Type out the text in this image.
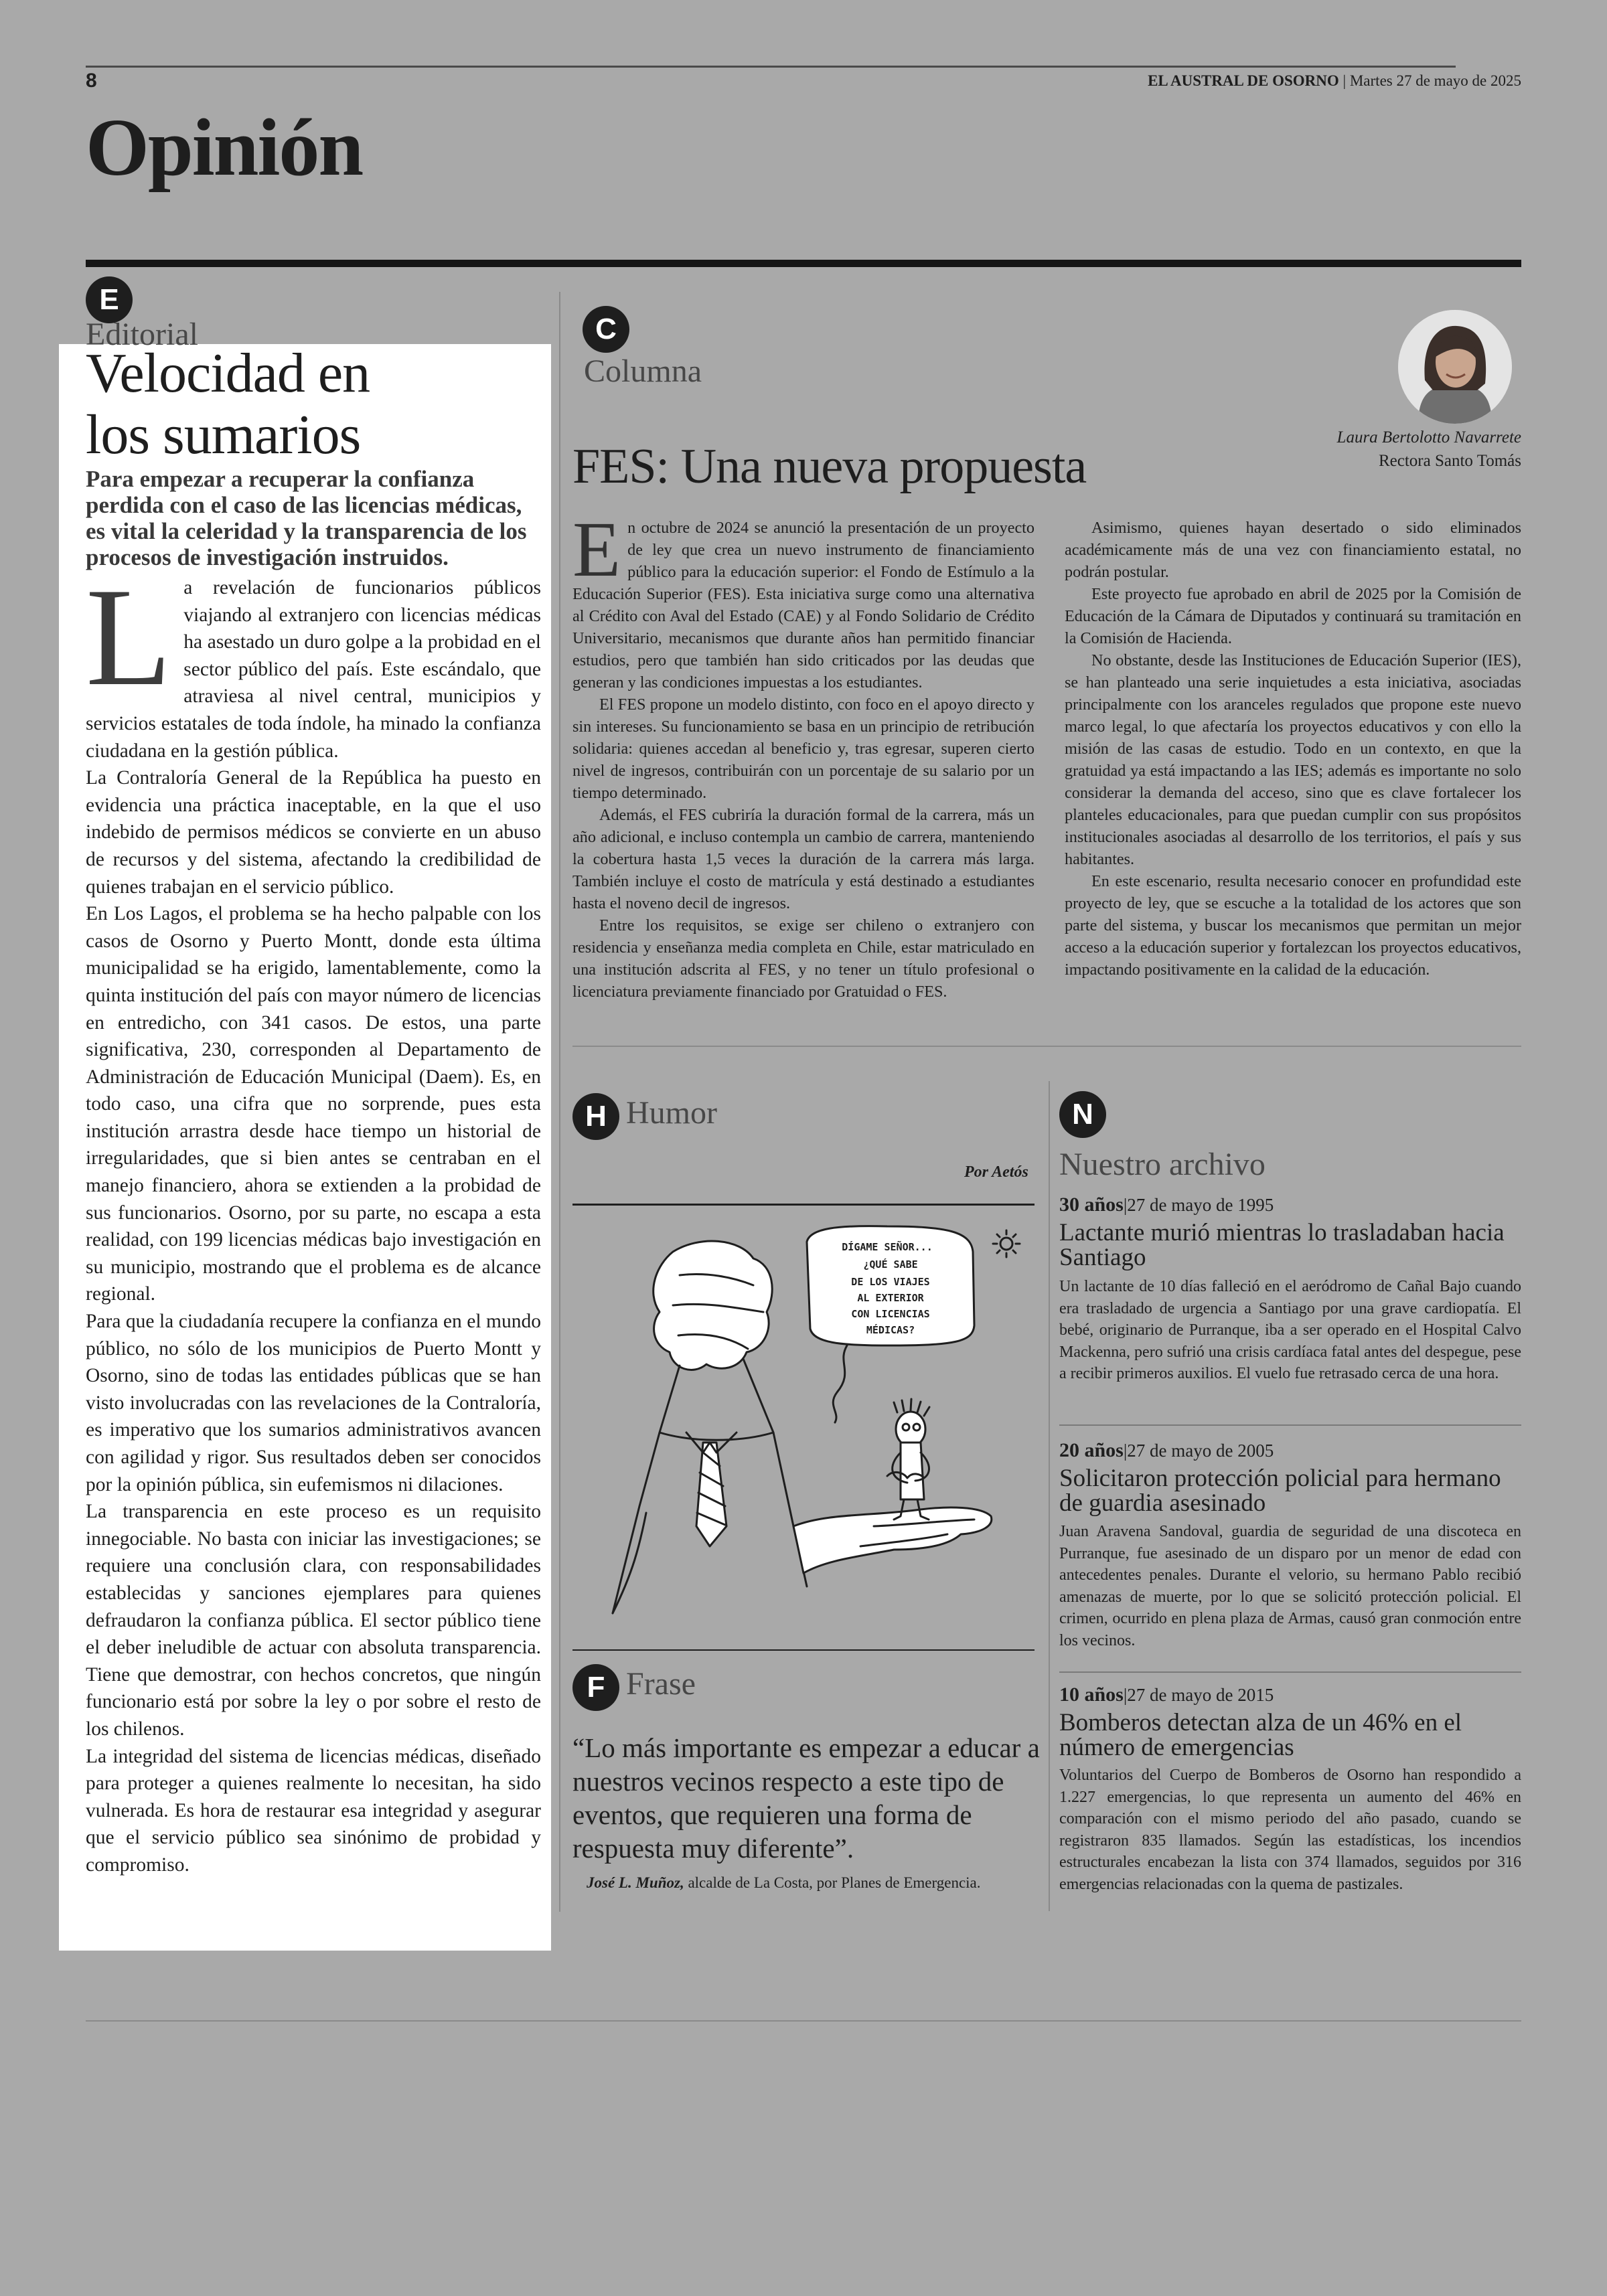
8	EL AUSTRAL DE OSORNO | Martes 27 de mayo de 2025
Opinión
E
Editorial
Velocidad en
los sumarios
Para empezar a recuperar la confianza perdida con el caso de las licencias médicas, es vital la celeridad y la transparencia de los procesos de investigación instruidos.
L a revelación de funcionarios públicos viajando al extranjero con licencias médicas ha asestado un duro golpe a la probidad en el sector público del país. Este escándalo, que atraviesa al nivel central, municipios y servicios estatales de toda índole, ha minado la confianza ciudadana en la gestión pública.

La Contraloría General de la República ha puesto en evidencia una práctica inaceptable, en la que el uso indebido de permisos médicos se convierte en un abuso de recursos y del sistema, afectando la credibilidad de quienes trabajan en el servicio público.

En Los Lagos, el problema se ha hecho palpable con los casos de Osorno y Puerto Montt, donde esta última municipalidad se ha erigido, lamentablemente, como la quinta institución del país con mayor número de licencias en entredicho, con 341 casos. De estos, una parte significativa, 230, corresponden al Departamento de Administración de Educación Municipal (Daem). Es, en todo caso, una cifra que no sorprende, pues esta institución arrastra desde hace tiempo un historial de irregularidades, que si bien antes se centraban en el manejo financiero, ahora se extienden a la probidad de sus funcionarios. Osorno, por su parte, no escapa a esta realidad, con 199 licencias médicas bajo investigación en su municipio, mostrando que el problema es de alcance regional.

Para que la ciudadanía recupere la confianza en el mundo público, no sólo de los municipios de Puerto Montt y Osorno, sino de todas las entidades públicas que se han visto involucradas con las revelaciones de la Contraloría, es imperativo que los sumarios administrativos avancen con agilidad y rigor. Sus resultados deben ser conocidos por la opinión pública, sin eufemismos ni dilaciones.

La transparencia en este proceso es un requisito innegociable. No basta con iniciar las investigaciones; se requiere una conclusión clara, con responsabilidades establecidas y sanciones ejemplares para quienes defraudaron la confianza pública. El sector público tiene el deber ineludible de actuar con absoluta transparencia. Tiene que demostrar, con hechos concretos, que ningún funcionario está por sobre la ley o por sobre el resto de los chilenos.

La integridad del sistema de licencias médicas, diseñado para proteger a quienes realmente lo necesitan, ha sido vulnerada. Es hora de restaurar esa integridad y asegurar que el servicio público sea sinónimo de probidad y compromiso.

C
Columna
Laura Bertolotto Navarrete
Rectora Santo Tomás
FES: Una nueva propuesta
E n octubre de 2024 se anunció la presentación de un proyecto de ley que crea un nuevo instrumento de financiamiento público para la educación superior: el Fondo de Estímulo a la Educación Superior (FES). Esta iniciativa surge como una alternativa al Crédito con Aval del Estado (CAE) y al Fondo Solidario de Crédito Universitario, mecanismos que durante años han permitido financiar estudios, pero que también han sido criticados por las deudas que generan y las condiciones impuestas a los estudiantes.

El FES propone un modelo distinto, con foco en el apoyo directo y sin intereses. Su funcionamiento se basa en un principio de retribución solidaria: quienes accedan al beneficio y, tras egresar, superen cierto nivel de ingresos, contribuirán con un porcentaje de su salario por un tiempo determinado.

Además, el FES cubriría la duración formal de la carrera, más un año adicional, e incluso contempla un cambio de carrera, manteniendo la cobertura hasta 1,5 veces la duración de la carrera más larga. También incluye el costo de matrícula y está destinado a estudiantes hasta el noveno decil de ingresos.

Entre los requisitos, se exige ser chileno o extranjero con residencia y enseñanza media completa en Chile, estar matriculado en una institución adscrita al FES, y no tener un título profesional o licenciatura previamente financiado por Gratuidad o FES.

Asimismo, quienes hayan desertado o sido eliminados académicamente más de una vez con financiamiento estatal, no podrán postular.

Este proyecto fue aprobado en abril de 2025 por la Comisión de Educación de la Cámara de Diputados y continuará su tramitación en la Comisión de Hacienda.

No obstante, desde las Instituciones de Educación Superior (IES), se han planteado una serie inquietudes a esta iniciativa, asociadas principalmente con los aranceles regulados que propone este nuevo marco legal, lo que afectaría los proyectos educativos y con ello la misión de las casas de estudio. Todo en un contexto, en que la gratuidad ya está impactando a las IES; además es importante no solo considerar la demanda del acceso, sino que es clave fortalecer los planteles educacionales, para que puedan cumplir con sus propósitos institucionales asociadas al desarrollo de los territorios, el país y sus habitantes.

En este escenario, resulta necesario conocer en profundidad este proyecto de ley, que se escuche a la totalidad de los actores que son parte del sistema, y buscar los mecanismos que permitan un mejor acceso a la educación superior y fortalezcan los proyectos educativos, impactando positivamente en la calidad de la educación.

H Humor
Por Aetós
DÍGAME SEÑOR...
¿QUÉ SABE
DE LOS VIAJES
AL EXTERIOR
CON LICENCIAS
MÉDICAS?
F Frase
“Lo más importante es empezar a educar a nuestros vecinos respecto a este tipo de eventos, que requieren una forma de respuesta muy diferente”.
José L. Muñoz, alcalde de La Costa, por Planes de Emergencia.
N
Nuestro archivo
30 años|27 de mayo de 1995
Lactante murió mientras lo trasladaban hacia Santiago
Un lactante de 10 días falleció en el aeródromo de Cañal Bajo cuando era trasladado de urgencia a Santiago por una grave cardiopatía. El bebé, originario de Purranque, iba a ser operado en el Hospital Calvo Mackenna, pero sufrió una crisis cardíaca fatal antes del despegue, pese a recibir primeros auxilios. El vuelo fue retrasado cerca de una hora.
20 años|27 de mayo de 2005
Solicitaron protección policial para hermano de guardia asesinado
Juan Aravena Sandoval, guardia de seguridad de una discoteca en Purranque, fue asesinado de un disparo por un menor de edad con antecedentes penales. Durante el velorio, su hermano Pablo recibió amenazas de muerte, por lo que se solicitó protección policial. El crimen, ocurrido en plena plaza de Armas, causó gran conmoción entre los vecinos.
10 años|27 de mayo de 2015
Bomberos detectan alza de un 46% en el número de emergencias
Voluntarios del Cuerpo de Bomberos de Osorno han respondido a 1.227 emergencias, lo que representa un aumento del 46% en comparación con el mismo periodo del año pasado, cuando se registraron 835 llamados. Según las estadísticas, los incendios estructurales encabezan la lista con 374 llamados, seguidos por 316 emergencias relacionadas con la quema de pastizales.
